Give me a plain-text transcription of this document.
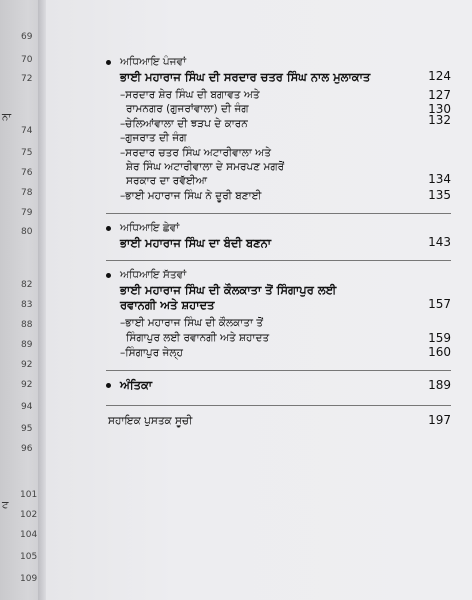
69
70
72
74
75
76
78
79
80
82
83
88
89
92
92
94
95
96
101
102
104
105
109
ਨਾ
ਟ
ਅਧਿਆਇ ਪੰਜਵਾਂ
ਭਾਈ ਮਹਾਰਾਜ ਸਿੰਘ ਦੀ ਸਰਦਾਰ ਚਤਰ ਸਿੰਘ ਨਾਲ ਮੁਲਾਕਾਤ	124
–ਸਰਦਾਰ ਸ਼ੇਰ ਸਿੰਘ ਦੀ ਬਗਾਵਤ ਅਤੇ	127
ਰਾਮਨਗਰ (ਗੁਜਰਾਂਵਾਲਾ) ਦੀ ਜੰਗ	130
–ਚੇਲਿਆਂਵਾਲਾ ਦੀ ਝੜਪ ਦੇ ਕਾਰਨ	132
–ਗੁਜਰਾਤ ਦੀ ਜੰਗ
–ਸਰਦਾਰ ਚਤਰ ਸਿੰਘ ਅਟਾਰੀਵਾਲਾ ਅਤੇ
ਸ਼ੇਰ ਸਿੰਘ ਅਟਾਰੀਵਾਲਾ ਦੇ ਸਮਰਪਣ ਮਗਰੋਂ
ਸਰਕਾਰ ਦਾ ਰਵੱਈਆ	134
–ਭਾਈ ਮਹਾਰਾਜ ਸਿੰਘ ਨੇ ਦੂਰੀ ਬਣਾਈ	135
ਅਧਿਆਇ ਛੇਵਾਂ
ਭਾਈ ਮਹਾਰਾਜ ਸਿੰਘ ਦਾ ਬੰਦੀ ਬਣਨਾ	143
ਅਧਿਆਇ ਸੱਤਵਾਂ
ਭਾਈ ਮਹਾਰਾਜ ਸਿੰਘ ਦੀ ਕੌਲਕਾਤਾ ਤੋਂ ਸਿੰਗਾਪੁਰ ਲਈ
ਰਵਾਨਗੀ ਅਤੇ ਸ਼ਹਾਦਤ	157
–ਭਾਈ ਮਹਾਰਾਜ ਸਿੰਘ ਦੀ ਕੌਲਕਾਤਾ ਤੋਂ
ਸਿੰਗਾਪੁਰ ਲਈ ਰਵਾਨਗੀ ਅਤੇ ਸ਼ਹਾਦਤ	159
–ਸਿੰਗਾਪੁਰ ਜੇਲ੍ਹ	160
ਅੰਤਿਕਾ	189
ਸਹਾਇਕ ਪੁਸਤਕ ਸੂਚੀ	197
